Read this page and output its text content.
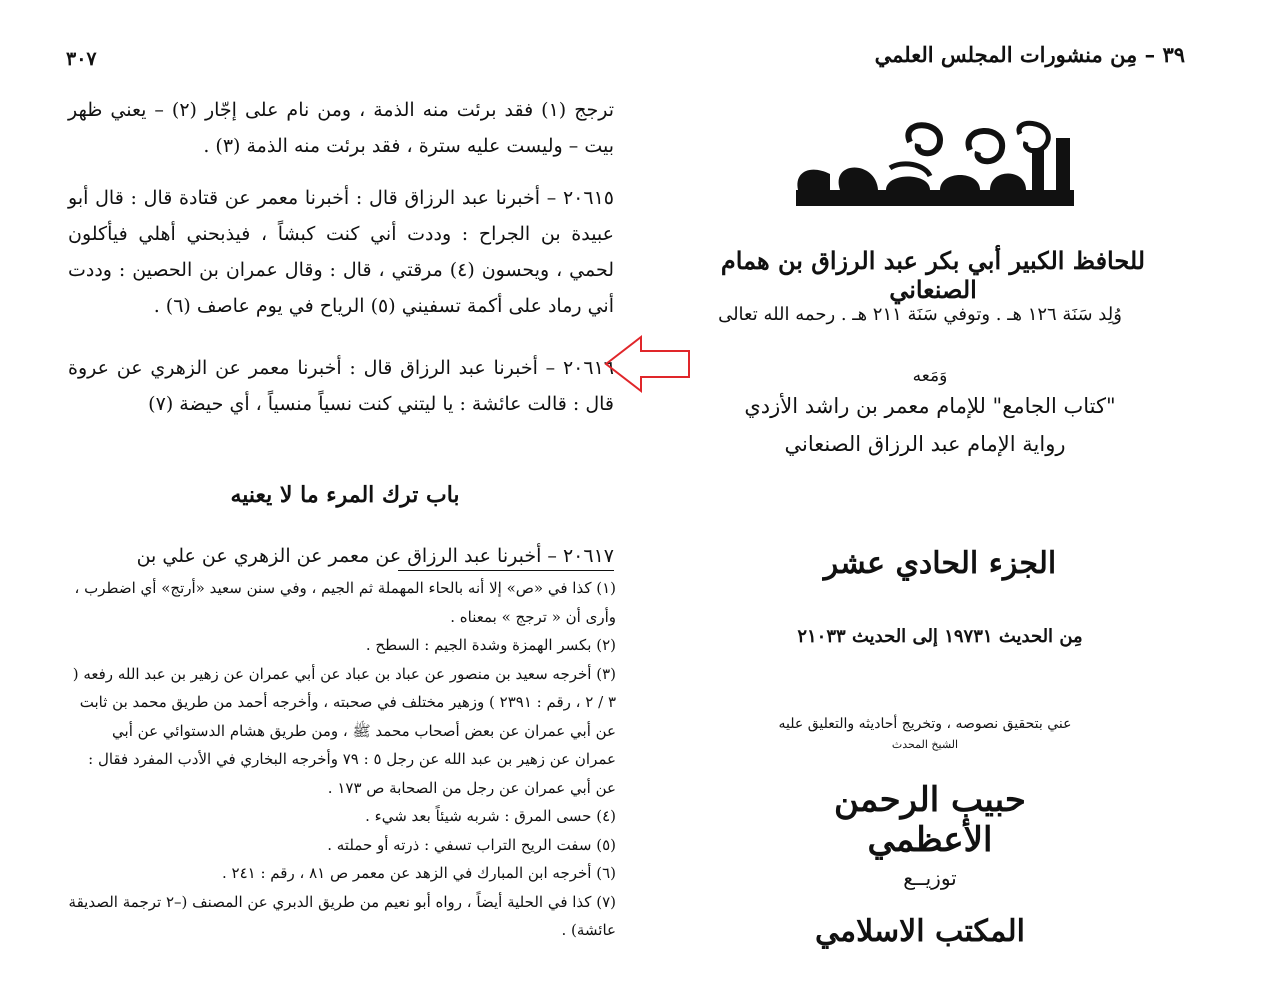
٣٠٧
ترجج (١) فقد برئت منه الذمة ، ومن نام على إجّار (٢) – يعني ظهر بيت – وليست عليه سترة ، فقد برئت منه الذمة (٣) .
٢٠٦١٥ – أخبرنا عبد الرزاق قال : أخبرنا معمر عن قتادة قال : قال أبو عبيدة بن الجراح : وددت أني كنت كبشاً ، فيذبحني أهلي فيأكلون لحمي ، ويحسون (٤) مرقتي ، قال : وقال عمران بن الحصين : وددت أني رماد على أكمة تسفيني (٥) الرياح في يوم عاصف (٦) .
٢٠٦١٦ – أخبرنا عبد الرزاق قال : أخبرنا معمر عن الزهري عن عروة قال : قالت عائشة : يا ليتني كنت نسياً منسياً ، أي حيضة (٧)
باب ترك المرء ما لا يعنيه
٢٠٦١٧ – أخبرنا عبد الرزاق عن معمر عن الزهري عن علي بن
(١) كذا في «ص» إلا أنه بالحاء المهملة ثم الجيم ، وفي سنن سعيد «أرتج» أي اضطرب ، وأرى أن « ترجج » بمعناه .
(٢) بكسر الهمزة وشدة الجيم : السطح .
(٣) أخرجه سعيد بن منصور عن عباد بن عباد عن أبي عمران عن زهير بن عبد الله رفعه ( ٣ / ٢ ، رقم : ٢٣٩١ ) وزهير مختلف في صحبته ، وأخرجه أحمد من طريق محمد بن ثابت عن أبي عمران عن بعض أصحاب محمد ﷺ ، ومن طريق هشام الدستوائي عن أبي عمران عن زهير بن عبد الله عن رجل ٥ : ٧٩ وأخرجه البخاري في الأدب المفرد فقال : عن أبي عمران عن رجل من الصحابة ص ١٧٣ .
(٤) حسى المرق : شربه شيئاً بعد شيء .
(٥) سفت الريح التراب تسفي : ذرته أو حملته .
(٦) أخرجه ابن المبارك في الزهد عن معمر ص ٨١ ، رقم : ٢٤١ .
(٧) كذا في الحلية أيضاً ، رواه أبو نعيم من طريق الدبري عن المصنف (–٢ ترجمة الصديقة عائشة) .
٣٩ – مِن منشورات المجلس العلمي
للحافظ الكبير أبي بكر عبد الرزاق بن همام الصنعاني
وُلِد سَنَة ١٢٦ هـ . وتوفي سَنَة ٢١١ هـ . رحمه الله تعالى
وَمَعه
"كتاب الجامع" للإمام معمر بن راشد الأزدي
رواية الإمام عبد الرزاق الصنعاني
الجزء الحادي عشر
مِن الحديث ١٩٧٣١ إلى الحديث ٢١٠٣٣
عني بتحقيق نصوصه ، وتخريج أحاديثه والتعليق عليه
الشيخ المحدث
حبيب الرحمن الأعظمي
توزيــع
المكتب الاسلامي
